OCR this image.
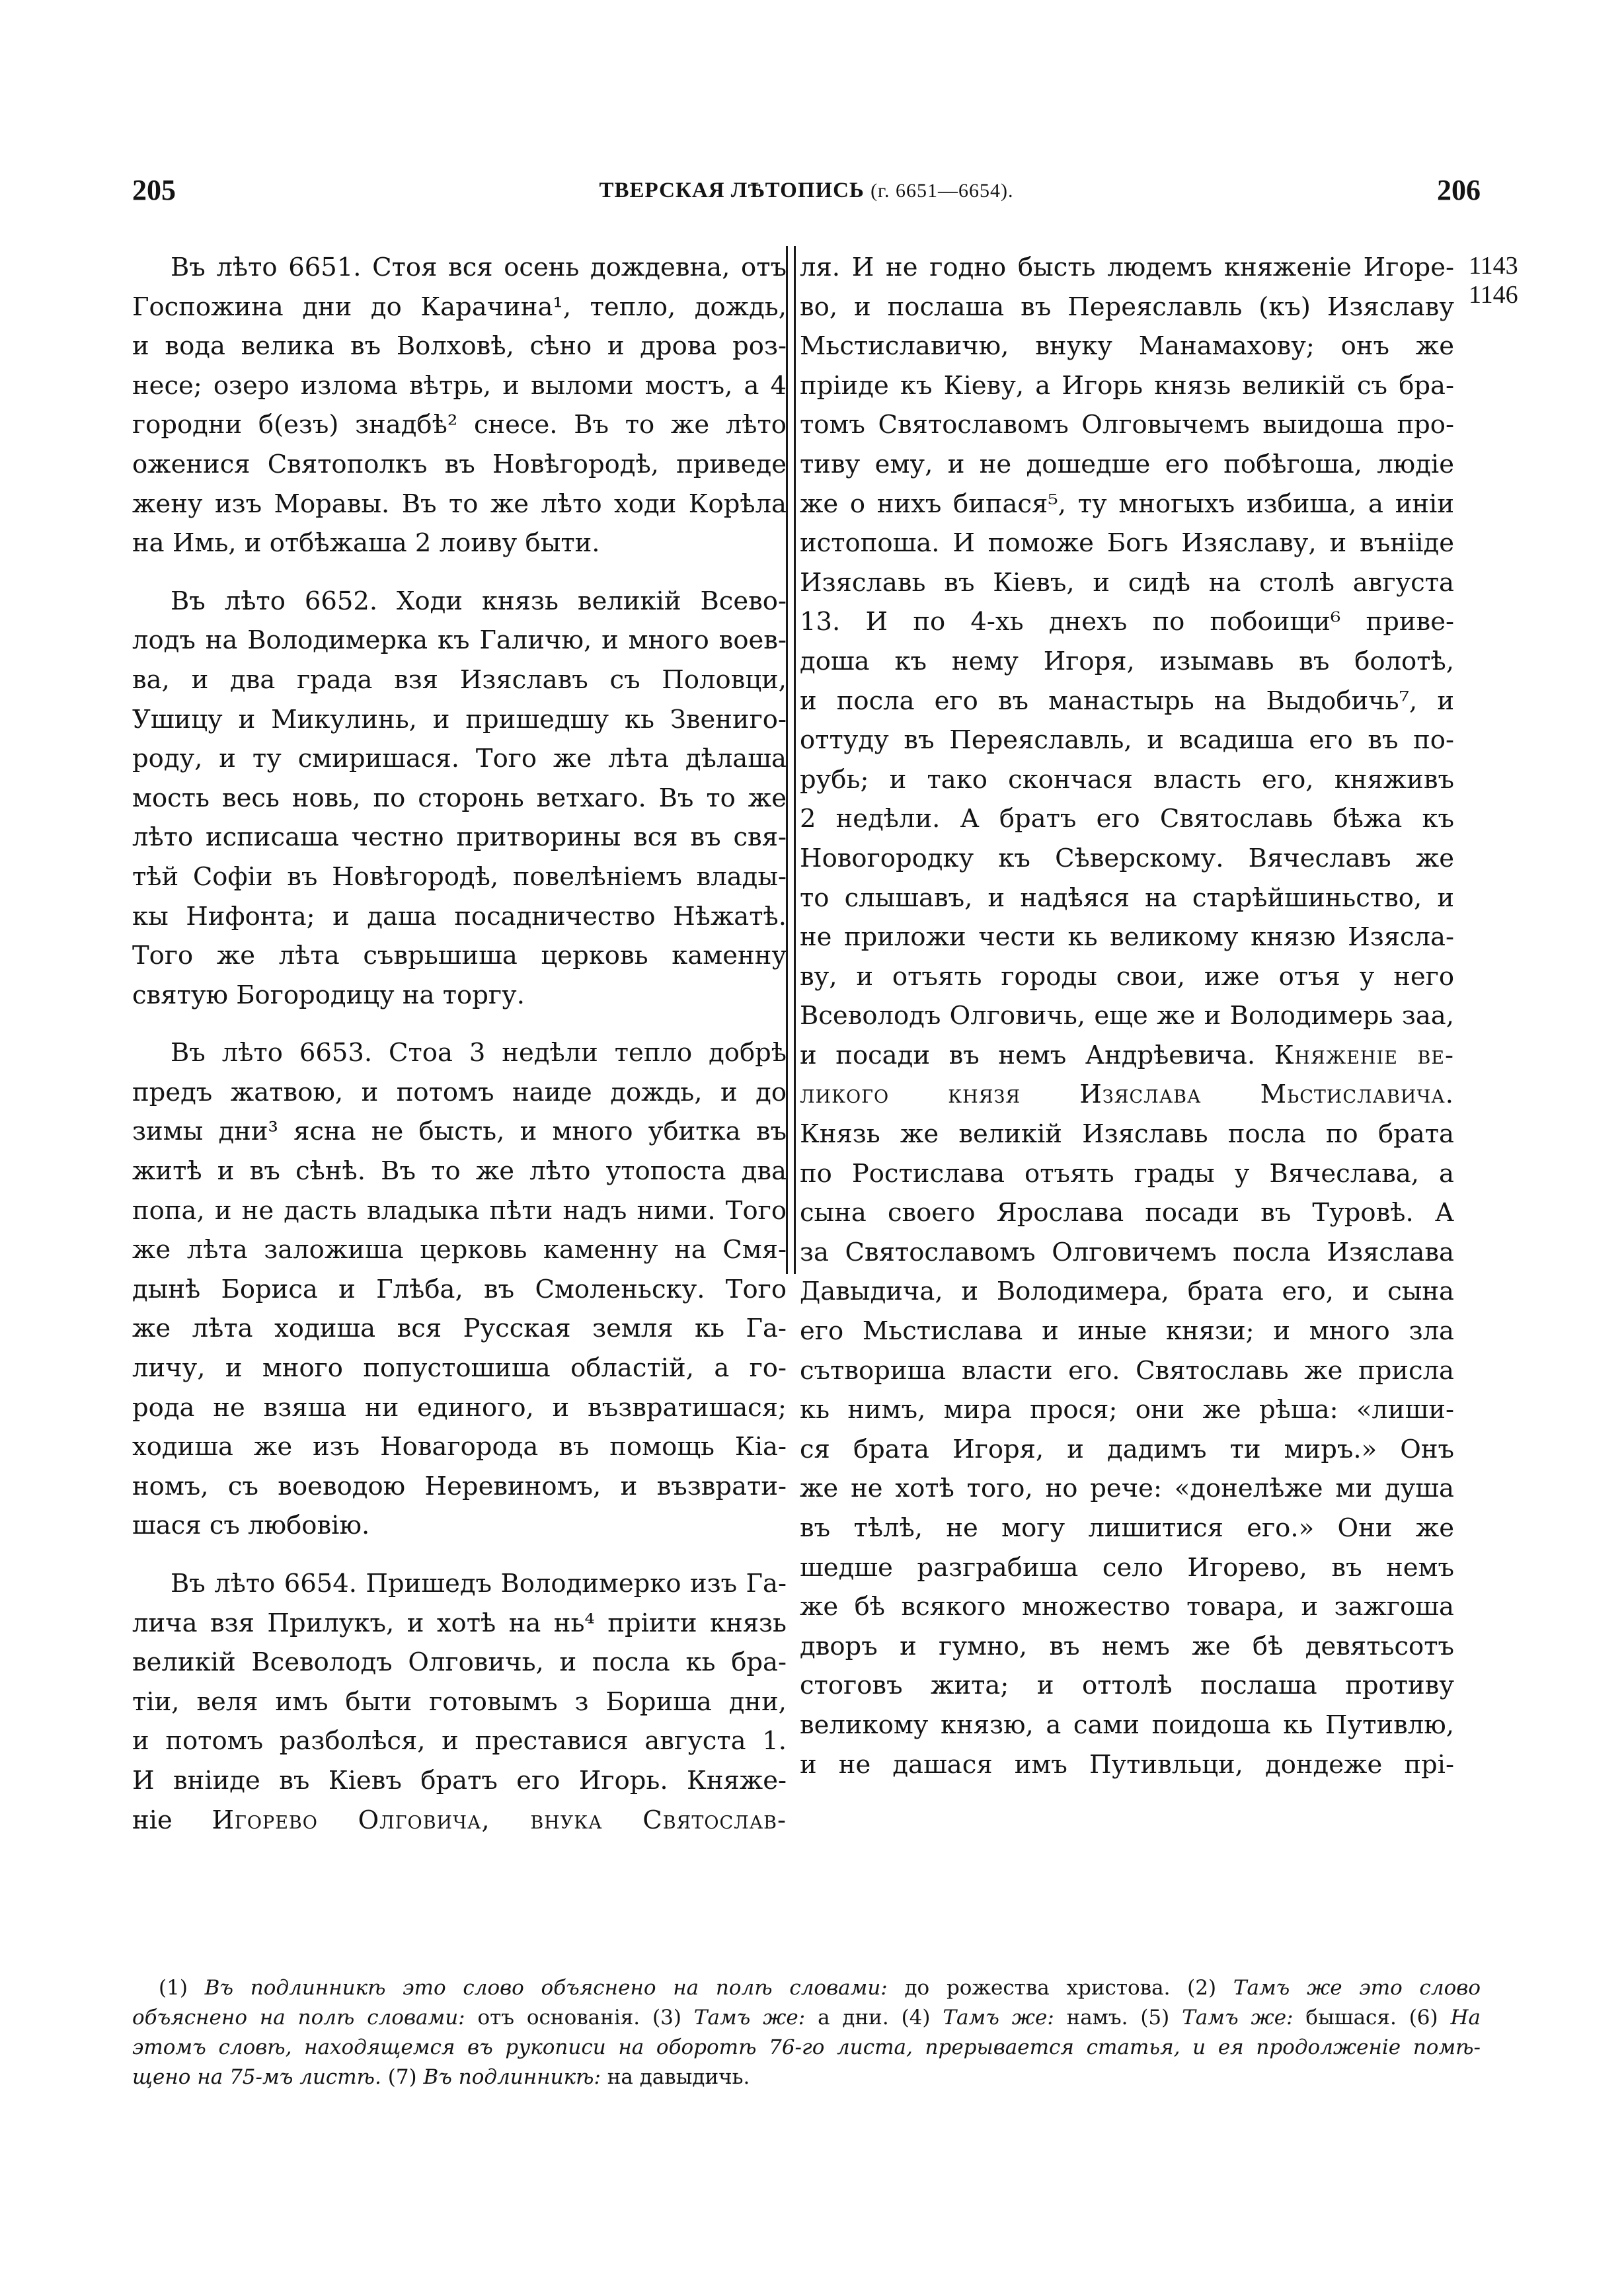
205	ТВЕРСКАЯ ЛѢТОПИСЬ (г. 6651—6654).	206
Въ лѣто 6651. Стоя вся осень дождевна, отъ
Госпожина дни до Карачина¹, тепло, дождь,
и вода велика въ Волховѣ, сѣно и дрова роз-
несе; озеро излома вѣтрь, и выломи мостъ, а 4
городни б(езъ) знадбѣ² снесе. Въ то же лѣто
оженися Святополкъ въ Новѣгородѣ, приведе
жену изъ Моравы. Въ то же лѣто ходи Корѣла
на Имь, и отбѣжаша 2 лоиву быти.
Въ лѣто 6652. Ходи князь великій Всево-
лодъ на Володимерка къ Галичю, и много воев-
ва, и два града взя Изяславъ съ Половци,
Ушицу и Микулинь, и пришедшу кь Звениго-
роду, и ту смиришася. Того же лѣта дѣлаша
мость весь новь, по сторонь ветхаго. Въ то же
лѣто исписаша честно притворины вся въ свя-
тѣй Софіи въ Новѣгородѣ, повелѣніемъ влады-
кы Нифонта; и даша посадничество Нѣжатѣ.
Того же лѣта съврьшиша церковь каменну
святую Богородицу на торгу.
Въ лѣто 6653. Стоа 3 недѣли тепло добрѣ
предъ жатвою, и потомъ наиде дождь, и до
зимы дни³ ясна не бысть, и много убитка въ
житѣ и въ сѣнѣ. Въ то же лѣто утопоста два
попа, и не дасть владыка пѣти надъ ними. Того
же лѣта заложиша церковь каменну на Смя-
дынѣ Бориса и Глѣба, въ Смоленьску. Того
же лѣта ходиша вся Русская земля кь Га-
личу, и много попустошиша областій, а го-
рода не взяша ни единого, и възвратишася;
ходиша же изъ Новагорода въ помощь Кіа-
номъ, съ воеводою Неревиномъ, и възврати-
шася съ любовію.
Въ лѣто 6654. Пришедъ Володимерко изъ Га-
лича взя Прилукъ, и хотѣ на нь⁴ пріити князь
великій Всеволодъ Олговичь, и посла кь бра-
тіи, веля имъ быти готовымъ з Бориша дни,
и потомъ разболѣся, и преставися августа 1.
И вніиде въ Кіевъ братъ его Игорь. Княже-
ніе Игорево Олговича, внука Святослав-
ля. И не годно бысть людемъ княженіе Игоре-
во, и послаша въ Переяславль (къ) Изяславу
Мьстиславичю, внуку Манамахову; онъ же
пріиде къ Кіеву, а Игорь князь великій съ бра-
томъ Святославомъ Олговычемъ выидоша про-
тиву ему, и не дошедше его побѣгоша, людіе
же о нихъ бипася⁵, ту многыхъ избиша, а иніи
истопоша. И поможе Богь Изяславу, и вънііде
Изяславь въ Кіевъ, и сидѣ на столѣ августа
13. И по 4-хь днехъ по побоищи⁶ приве-
доша къ нему Игоря, изымавь въ болотѣ,
и посла его въ манастырь на Выдобичь⁷, и
оттуду въ Переяславль, и всадиша его въ по-
рубь; и тако скончася власть его, княживъ
2 недѣли. А братъ его Святославь бѣжа къ
Новогородку къ Сѣверскому. Вячеславъ же
то слышавъ, и надѣяся на старѣйшиньство, и
не приложи чести кь великому князю Изясла-
ву, и отъять городы свои, иже отъя у него
Всеволодъ Олговичь, еще же и Володимерь заа,
и посади въ немъ Андрѣевича. Княженіе ве-
ликого князя Изяслава Мьстиславича.
Князь же великій Изяславь посла по брата
по Ростислава отъять грады у Вячеслава, а
сына своего Ярослава посади въ Туровѣ. А
за Святославомъ Олговичемъ посла Изяслава
Давыдича, и Володимера, брата его, и сына
его Мьстислава и иные князи; и много зла
сътвориша власти его. Святославь же присла
кь нимъ, мира прося; они же рѣша: «лиши-
ся брата Игоря, и дадимъ ти миръ.» Онъ
же не хотѣ того, но рече: «донелѣже ми душа
въ тѣлѣ, не могу лишитися его.» Они же
шедше разграбиша село Игорево, въ немъ
же бѣ всякого множество товара, и зажгоша
дворъ и гумно, въ немъ же бѣ девятьсотъ
стоговъ жита; и оттолѣ послаша противу
великому князю, а сами поидоша кь Путивлю,
и не дашася имъ Путивльци, дондеже прі-
1143
1146
(1) Въ подлинникѣ это слово объяснено на полѣ словами: до рожества христова. (2) Тамъ же это слово
объяснено на полѣ словами: отъ основанія. (3) Тамъ же: а дни. (4) Тамъ же: намъ. (5) Тамъ же: бышася. (6) На
этомъ словѣ, находящемся въ рукописи на оборотѣ 76-го листа, прерывается статья, и ея продолженіе помѣ-
щено на 75-мъ листѣ. (7) Въ подлинникѣ: на давыдичь.
